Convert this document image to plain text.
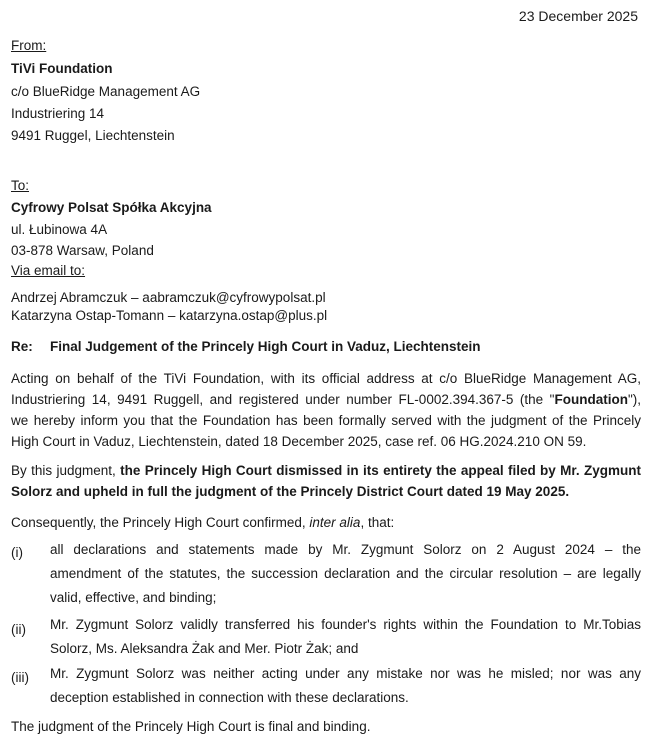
23 December 2025
From:
TiVi Foundation
c/o BlueRidge Management AG
Industriering 14
9491 Ruggel, Liechtenstein
To:
Cyfrowy Polsat Spółka Akcyjna
ul. Łubinowa 4A
03-878 Warsaw, Poland
Via email to:
Andrzej Abramczuk – aabramczuk@cyfrowypolsat.pl
Katarzyna Ostap-Tomann – katarzyna.ostap@plus.pl
Re: Final Judgement of the Princely High Court in Vaduz, Liechtenstein
Acting on behalf of the TiVi Foundation, with its official address at c/o BlueRidge Management AG,
Industriering 14, 9491 Ruggell, and registered under number FL-0002.394.367-5 (the "Foundation"),
we hereby inform you that the Foundation has been formally served with the judgment of the Princely
High Court in Vaduz, Liechtenstein, dated 18 December 2025, case ref. 06 HG.2024.210 ON 59.
By this judgment, the Princely High Court dismissed in its entirety the appeal filed by Mr. Zygmunt
Solorz and upheld in full the judgment of the Princely District Court dated 19 May 2025.
Consequently, the Princely High Court confirmed, inter alia, that:
(i) all declarations and statements made by Mr. Zygmunt Solorz on 2 August 2024 – the
amendment of the statutes, the succession declaration and the circular resolution – are legally
valid, effective, and binding;
(ii) Mr. Zygmunt Solorz validly transferred his founder's rights within the Foundation to Mr.Tobias
Solorz, Ms. Aleksandra Żak and Mer. Piotr Żak; and
(iii) Mr. Zygmunt Solorz was neither acting under any mistake nor was he misled; nor was any
deception established in connection with these declarations.
The judgment of the Princely High Court is final and binding.
